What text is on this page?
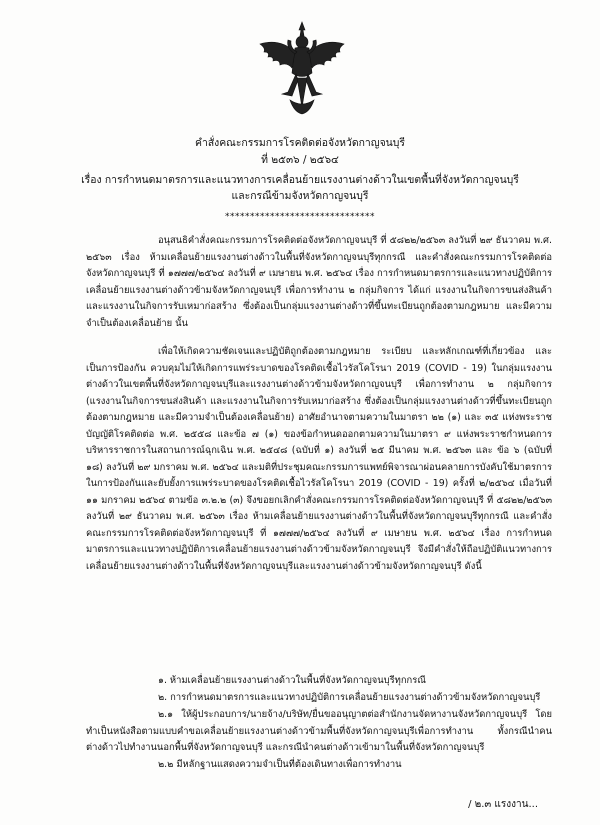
คำสั่งคณะกรรมการโรคติดต่อจังหวัดกาญจนบุรี
ที่ ๒๕๓๖ / ๒๕๖๔
เรื่อง การกำหนดมาตรการและแนวทางการเคลื่อนย้ายแรงงานต่างด้าวในเขตพื้นที่จังหวัดกาญจนบุรี
และกรณีข้ามจังหวัดกาญจนบุรี
******************************

อนุสนธิคำสั่งคณะกรรมการโรคติดต่อจังหวัดกาญจนบุรี ที่ ๕๘๒๒/๒๕๖๓ ลงวันที่ ๒๙ ธันวาคม พ.ศ. ๒๕๖๓ เรื่อง ห้ามเคลื่อนย้ายแรงงานต่างด้าวในพื้นที่จังหวัดกาญจนบุรีทุกกรณี และคำสั่งคณะกรรมการโรคติดต่อจังหวัดกาญจนบุรี ที่ ๑๗๗๗/๒๕๖๔ ลงวันที่ ๙ เมษายน พ.ศ. ๒๕๖๔ เรื่อง การกำหนดมาตรการและแนวทางปฏิบัติการเคลื่อนย้ายแรงงานต่างด้าวข้ามจังหวัดกาญจนบุรี เพื่อการทำงาน ๒ กลุ่มกิจการ ได้แก่ แรงงานในกิจการขนส่งสินค้า และแรงงานในกิจการรับเหมาก่อสร้าง ซึ่งต้องเป็นกลุ่มแรงงานต่างด้าวที่ขึ้นทะเบียนถูกต้องตามกฎหมาย และมีความจำเป็นต้องเคลื่อนย้าย นั้น

เพื่อให้เกิดความชัดเจนและปฏิบัติถูกต้องตามกฎหมาย ระเบียบ และหลักเกณฑ์ที่เกี่ยวข้อง และเป็นการป้องกัน ควบคุมไม่ให้เกิดการแพร่ระบาดของโรคติดเชื้อไวรัสโคโรนา 2019 (COVID - 19) ในกลุ่มแรงงานต่างด้าวในเขตพื้นที่จังหวัดกาญจนบุรีและแรงงานต่างด้าวข้ามจังหวัดกาญจนบุรี เพื่อการทำงาน ๒ กลุ่มกิจการ (แรงงานในกิจการขนส่งสินค้า และแรงงานในกิจการรับเหมาก่อสร้าง ซึ่งต้องเป็นกลุ่มแรงงานต่างด้าวที่ขึ้นทะเบียนถูกต้องตามกฎหมาย และมีความจำเป็นต้องเคลื่อนย้าย) อาศัยอำนาจตามความในมาตรา ๒๒ (๑) และ ๓๕ แห่งพระราชบัญญัติโรคติดต่อ พ.ศ. ๒๕๕๘ และข้อ ๗ (๑) ของข้อกำหนดออกตามความในมาตรา ๙ แห่งพระราชกำหนดการบริหารราชการในสถานการณ์ฉุกเฉิน พ.ศ. ๒๕๔๘ (ฉบับที่ ๑) ลงวันที่ ๒๕ มีนาคม พ.ศ. ๒๕๖๓ และ ข้อ ๖ (ฉบับที่ ๑๘) ลงวันที่ ๒๙ มกราคม พ.ศ. ๒๕๖๔ และมติที่ประชุมคณะกรรมการแพทย์พิจารณาผ่อนคลายการบังคับใช้มาตรการในการป้องกันและยับยั้งการแพร่ระบาดของโรคติดเชื้อไวรัสโคโรนา 2019 (COVID - 19) ครั้งที่ ๒/๒๕๖๔ เมื่อวันที่ ๑๑ มกราคม ๒๕๖๔ ตามข้อ ๓.๒.๒ (๓) จึงขอยกเลิกคำสั่งคณะกรรมการโรคติดต่อจังหวัดกาญจนบุรี ที่ ๕๘๒๒/๒๕๖๓ ลงวันที่ ๒๙ ธันวาคม พ.ศ. ๒๕๖๓ เรื่อง ห้ามเคลื่อนย้ายแรงงานต่างด้าวในพื้นที่จังหวัดกาญจนบุรีทุกกรณี และคำสั่งคณะกรรมการโรคติดต่อจังหวัดกาญจนบุรี ที่ ๑๗๗๗/๒๕๖๔ ลงวันที่ ๙ เมษายน พ.ศ. ๒๕๖๔ เรื่อง การกำหนดมาตรการและแนวทางปฏิบัติการเคลื่อนย้ายแรงงานต่างด้าวข้ามจังหวัดกาญจนบุรี จึงมีคำสั่งให้ถือปฏิบัติแนวทางการเคลื่อนย้ายแรงงานต่างด้าวในพื้นที่จังหวัดกาญจนบุรีและแรงงานต่างด้าวข้ามจังหวัดกาญจนบุรี ดังนี้

๑. ห้ามเคลื่อนย้ายแรงงานต่างด้าวในพื้นที่จังหวัดกาญจนบุรีทุกกรณี
๒. การกำหนดมาตรการและแนวทางปฏิบัติการเคลื่อนย้ายแรงงานต่างด้าวข้ามจังหวัดกาญจนบุรี

๒.๑ ให้ผู้ประกอบการ/นายจ้าง/บริษัท/ยื่นขออนุญาตต่อสำนักงานจัดหางานจังหวัดกาญจนบุรี โดยทำเป็นหนังสือตามแบบคำขอเคลื่อนย้ายแรงงานต่างด้าวข้ามพื้นที่จังหวัดกาญจนบุรีเพื่อการทำงาน ทั้งกรณีนำคนต่างด้าวไปทำงานนอกพื้นที่จังหวัดกาญจนบุรี และกรณีนำคนต่างด้าวเข้ามาในพื้นที่จังหวัดกาญจนบุรี

๒.๒ มีหลักฐานแสดงความจำเป็นที่ต้องเดินทางเพื่อการทำงาน
/ ๒.๓ แรงงาน...
